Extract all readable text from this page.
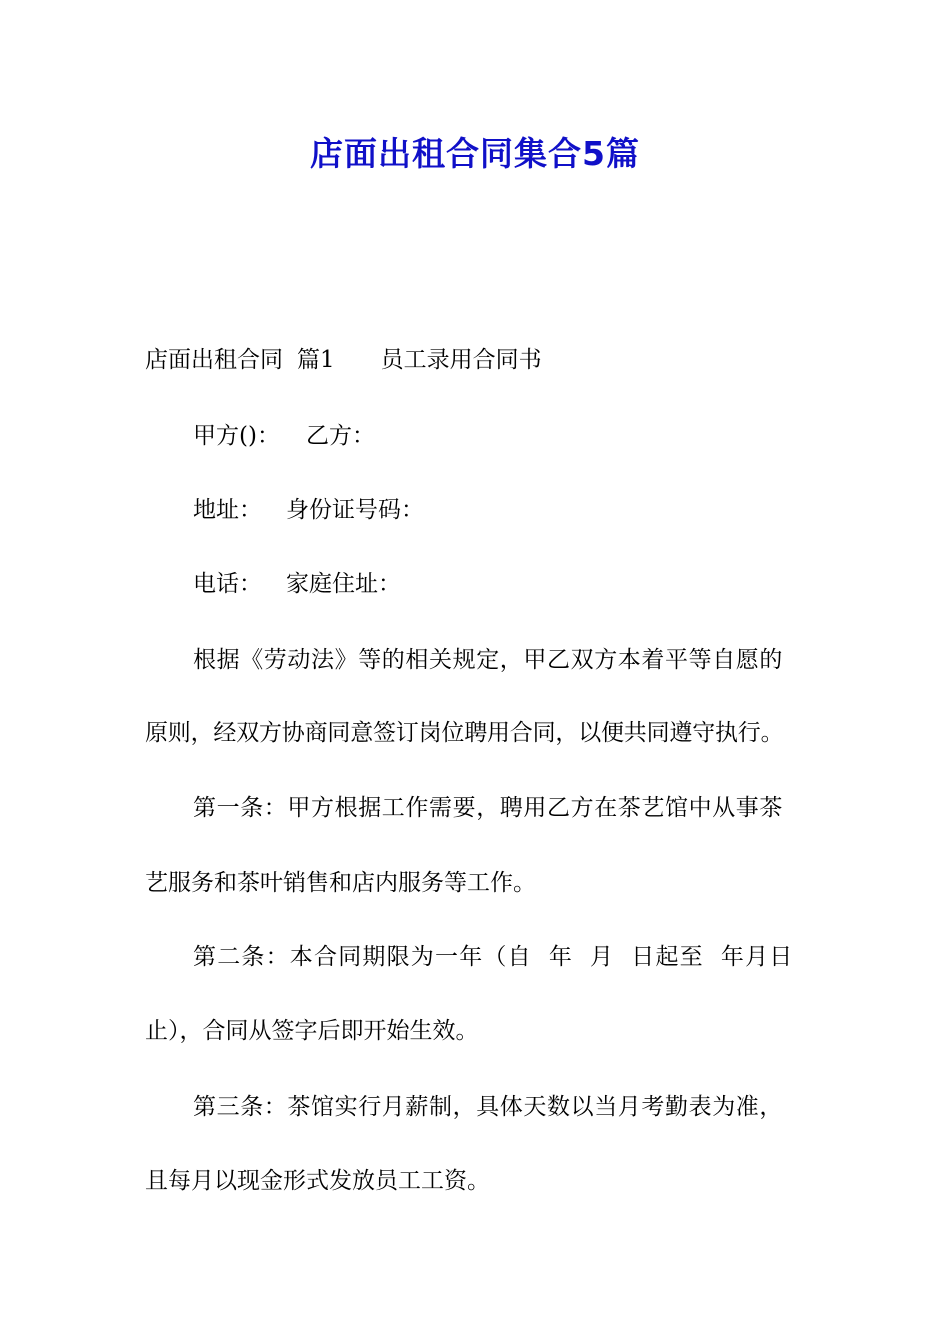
店面出租合同集合5篇

店面出租合同 篇1 员工录用合同书

甲方()： 乙方：

地址： 身份证号码：

电话： 家庭住址：

根据《劳动法》等的相关规定，甲乙双方本着平等自愿的

原则，经双方协商同意签订岗位聘用合同，以便共同遵守执行。

第一条：甲方根据工作需要，聘用乙方在茶艺馆中从事茶

艺服务和茶叶销售和店内服务等工作。

第二条：本合同期限为一年（自  年  月  日起至  年月日

止），合同从签字后即开始生效。

第三条：茶馆实行月薪制，具体天数以当月考勤表为准，

且每月以现金形式发放员工工资。
